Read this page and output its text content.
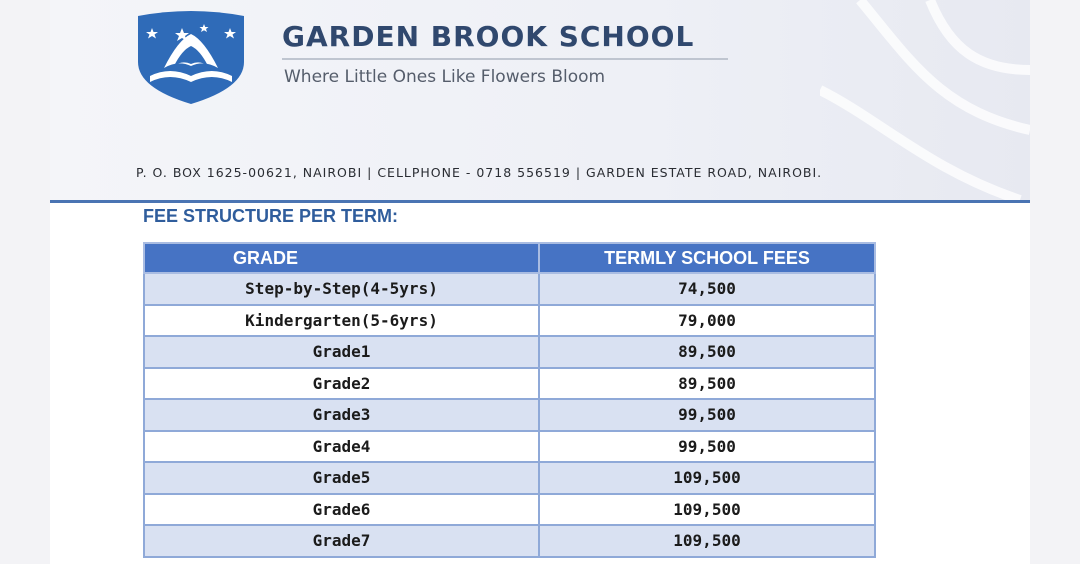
GARDEN BROOK SCHOOL
Where Little Ones Like Flowers Bloom
P. O. BOX 1625-00621, NAIROBI | CELLPHONE - 0718 556519 | GARDEN ESTATE ROAD, NAIROBI.
FEE STRUCTURE PER TERM:
GRADE	TERMLY SCHOOL FEES
Step-by-Step(4-5yrs)	74,500
Kindergarten(5-6yrs)	79,000
Grade1	89,500
Grade2	89,500
Grade3	99,500
Grade4	99,500
Grade5	109,500
Grade6	109,500
Grade7	109,500
